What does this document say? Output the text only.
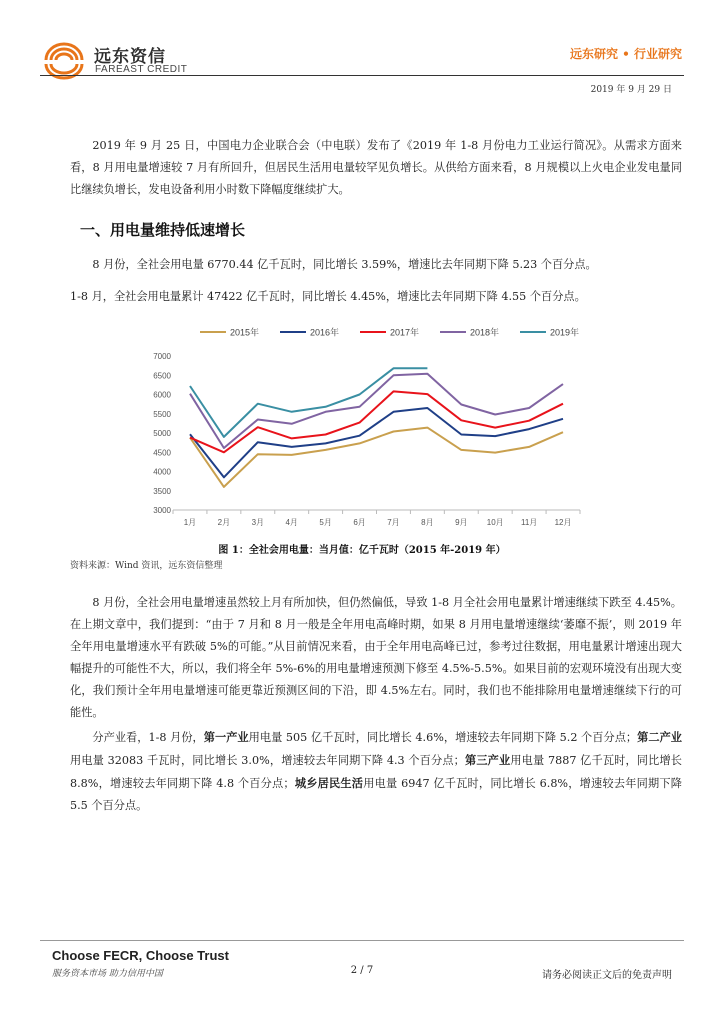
远东资信
FAREAST CREDIT
远东研究 • 行业研究
2019 年 9 月 29 日

2019 年 9 月 25 日，中国电力企业联合会（中电联）发布了《2019 年 1-8 月份电力工业运行简况》。从需求方面来看，8 月用电量增速较 7 月有所回升，但居民生活用电量较罕见负增长。从供给方面来看，8 月规模以上火电企业发电量同比继续负增长，发电设备利用小时数下降幅度继续扩大。

一、用电量维持低速增长

8 月份，全社会用电量 6770.44 亿千瓦时，同比增长 3.59%，增速比去年同期下降 5.23 个百分点。

1-8 月，全社会用电量累计 47422 亿千瓦时，同比增长 4.45%，增速比去年同期下降 4.55 个百分点。

2015年	2016年	2017年	2018年	2019年
3000
3500
4000
4500
5000
5500
6000
6500
7000
1月	2月	3月	4月	5月	6月	7月	8月	9月 10月 11月 12月
图 1：全社会用电量：当月值：亿千瓦时（2015 年-2019 年）
资料来源：Wind 资讯，远东资信整理

8 月份，全社会用电量增速虽然较上月有所加快，但仍然偏低，导致 1-8 月全社会用电量累计增速继续下跌至 4.45%。在上期文章中，我们提到：“由于 7 月和 8 月一般是全年用电高峰时期，如果 8 月用电量增速继续‘萎靡不振’，则 2019 年全年用电量增速水平有跌破 5%的可能。”从目前情况来看，由于全年用电高峰已过，参考过往数据，用电量累计增速出现大幅提升的可能性不大，所以，我们将全年 5%-6%的用电量增速预测下修至 4.5%-5.5%。如果目前的宏观环境没有出现大变化，我们预计全年用电量增速可能更靠近预测区间的下沿，即 4.5%左右。同时，我们也不能排除用电量增速继续下行的可能性。

分产业看，1-8 月份，第一产业用电量 505 亿千瓦时，同比增长 4.6%，增速较去年同期下降 5.2 个百分点；第二产业用电量 32083 千瓦时，同比增长 3.0%，增速较去年同期下降 4.3 个百分点；第三产业用电量 7887 亿千瓦时，同比增长 8.8%，增速较去年同期下降 4.8 个百分点；城乡居民生活用电量 6947 亿千瓦时，同比增长 6.8%，增速较去年同期下降 5.5 个百分点。

Choose FECR, Choose Trust
服务资本市场 助力信用中国	2 / 7	请务必阅读正文后的免责声明
